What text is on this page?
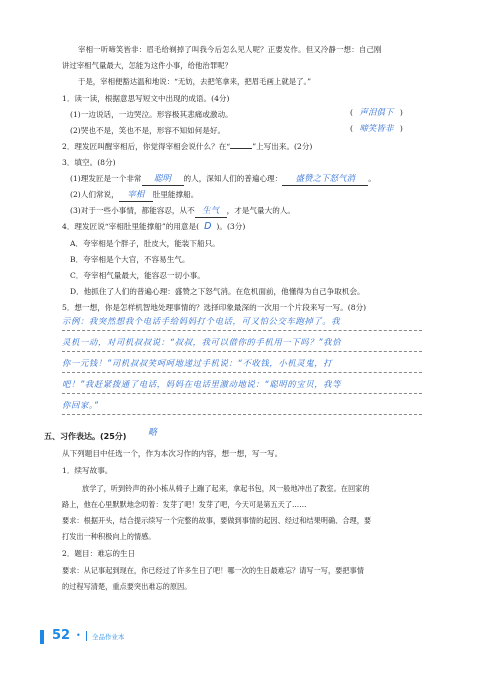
宰相一听啼笑皆非：眉毛给剃掉了叫我今后怎么见人呢？正要发作。但又冷静一想：自己刚
讲过宰相气量最大，怎能为这件小事，给他治罪呢？
于是，宰相便豁达温和地说：“无妨，去把笔拿来，把眉毛画上就是了。”
1．读一读，根据意思写短文中出现的成语。(4分)
(1)一边说话，一边哭泣。形容极其悲痛或激动。	( 声泪俱下 )
(2)哭也不是，笑也不是，形容不知如何是好。	( 啼笑皆非 )
2．理发匠叫醒宰相后，你觉得宰相会说什么？在“	”上写出来。(2分)
3．填空。(8分)
(1)理发匠是一个非常 聪明 的人，深知人们的普遍心理： 盛赞之下怒气消 。
(2)人们常说， 宰相 肚里能撑船。
(3)对于一些小事情，都能容忍，从不 生气 ，才是气量大的人。
4．理发匠说“宰相肚里能撑船”的用意是( D )。(3分)
A．夸宰相是个胖子，肚皮大，能装下船只。
B．夸宰相是个大官，不容易生气。
C．夸宰相气量最大，能容忍一切小事。
D．他抓住了人们的普遍心理：盛赞之下怒气消。在危机面前，他懂得为自己争取机会。
5．想一想，你是怎样机智地处理事情的？选择印象最深的一次用一个片段来写一写。(8分)
示例：我突然想我个电话手给妈妈打个电话，可又怕公交车跑掉了。我
灵机一动，对司机叔叔说：“叔叔，我可以借你的手机用一下吗？”我恰
你一元钱！”司机叔叔笑呵呵地递过手机说：“不收钱，小机灵鬼，打
吧！”我赶紧拨通了电话，妈妈在电话里激动地说：“聪明的宝贝，我等
你回家。”
五、习作表达。(25分) 略
从下列题目中任选一个，作为本次习作的内容，想一想，写一写。
1．续写故事。
放学了，听到铃声的孙小栋从椅子上蹦了起来，拿起书包，风一般地冲出了教室。在回家的
路上，他在心里默默地念叨着：发芽了吧！发芽了吧，今天可是第五天了……
要求：根据开头，结合提示续写一个完整的故事，要做到事情的起因、经过和结果明确、合理，要
打发出一种积极向上的情感。
2．题目：难忘的生日
要求：从记事起到现在，你已经过了许多生日了吧！哪一次的生日最难忘？请写一写，要把事情
的过程写清楚，重点要突出难忘的原因。
52 • 全品作业本
